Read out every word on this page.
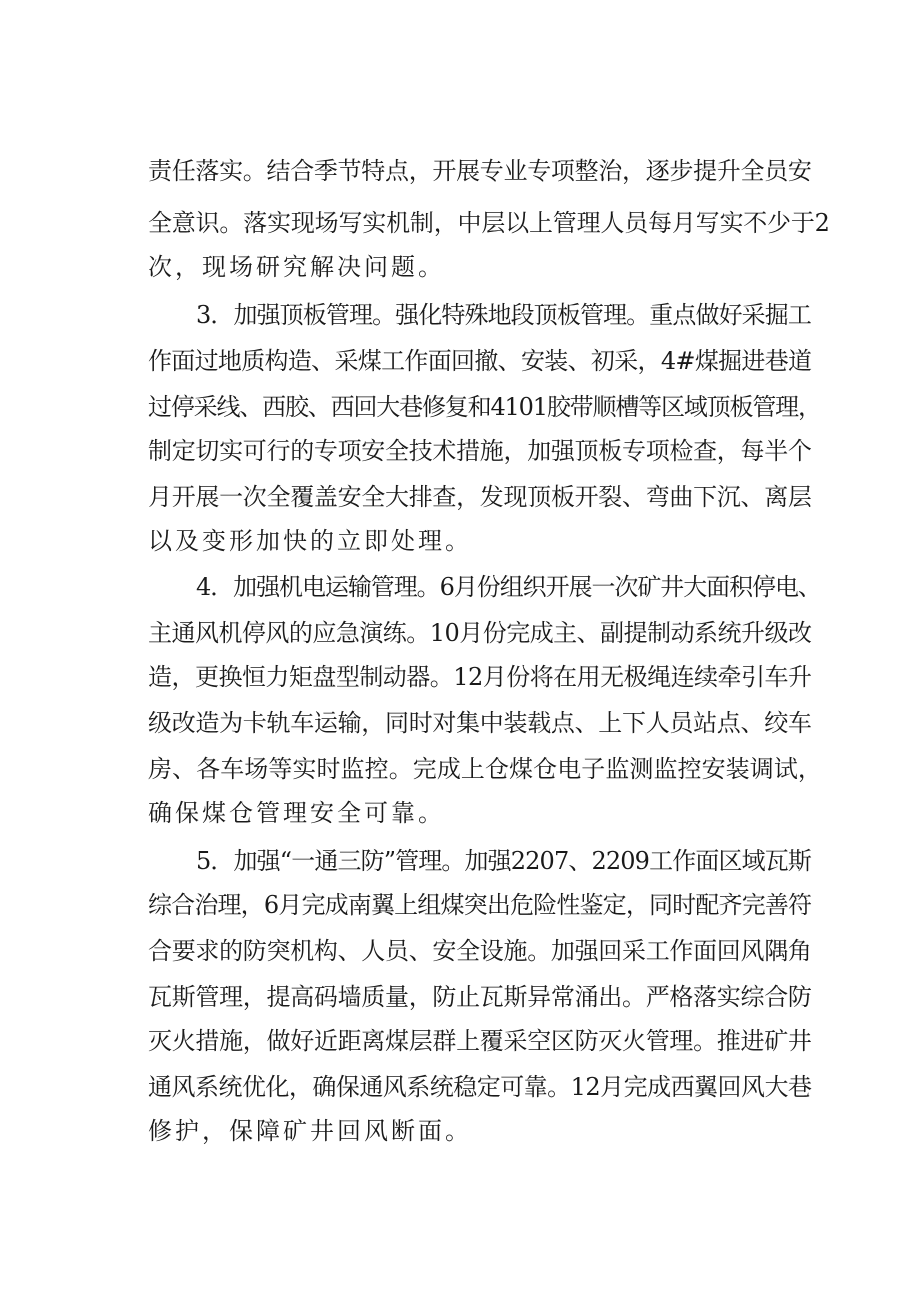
责任落实。结合季节特点，开展专业专项整治，逐步提升全员安

全意识。落实现场写实机制，中层以上管理人员每月写实不少于2

次，现场研究解决问题。

3．加强顶板管理。强化特殊地段顶板管理。重点做好采掘工

作面过地质构造、采煤工作面回撤、安装、初采，4#煤掘进巷道

过停采线、西胶、西回大巷修复和4101胶带顺槽等区域顶板管理，

制定切实可行的专项安全技术措施，加强顶板专项检查，每半个

月开展一次全覆盖安全大排查，发现顶板开裂、弯曲下沉、离层

以及变形加快的立即处理。

4．加强机电运输管理。6月份组织开展一次矿井大面积停电、

主通风机停风的应急演练。10月份完成主、副提制动系统升级改

造，更换恒力矩盘型制动器。12月份将在用无极绳连续牵引车升

级改造为卡轨车运输，同时对集中装载点、上下人员站点、绞车

房、各车场等实时监控。完成上仓煤仓电子监测监控安装调试，

确保煤仓管理安全可靠。

5．加强“一通三防”管理。加强2207、2209工作面区域瓦斯

综合治理，6月完成南翼上组煤突出危险性鉴定，同时配齐完善符

合要求的防突机构、人员、安全设施。加强回采工作面回风隅角

瓦斯管理，提高码墙质量，防止瓦斯异常涌出。严格落实综合防

灭火措施，做好近距离煤层群上覆采空区防灭火管理。推进矿井

通风系统优化，确保通风系统稳定可靠。12月完成西翼回风大巷

修护，保障矿井回风断面。
